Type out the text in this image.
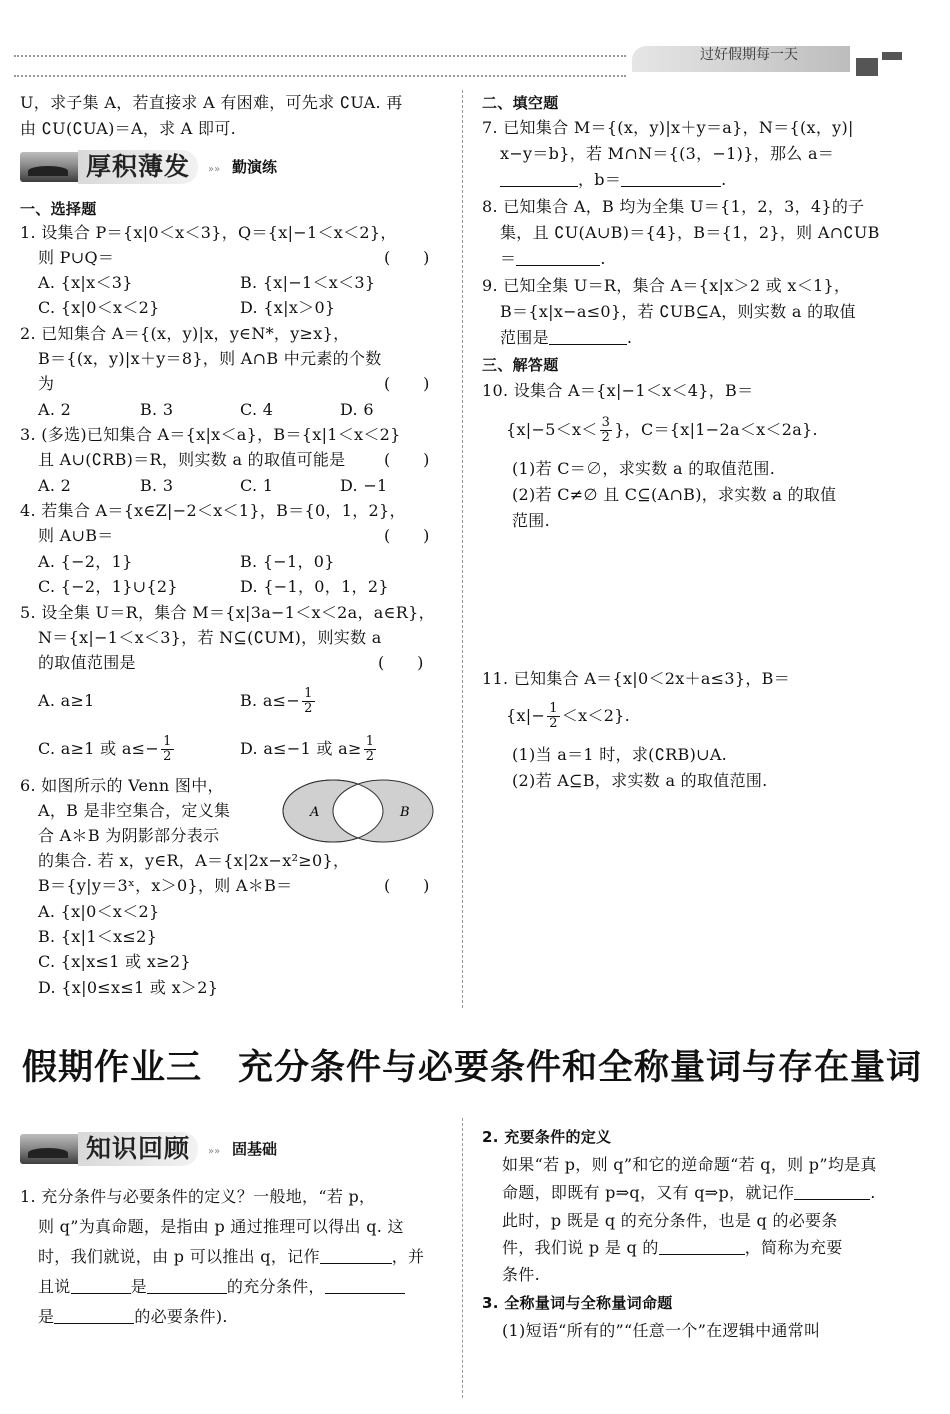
过好假期每一天
U，求子集 A，若直接求 A 有困难，可先求 ∁UA. 再
由 ∁U(∁UA)＝A，求 A 即可.
厚积薄发	»» 勤演练
一、选择题
1. 设集合 P＝{x|0＜x＜3}，Q＝{x|−1＜x＜2}，
则 P∪Q＝	(　　)
A. {x|x＜3}	B. {x|−1＜x＜3}
C. {x|0＜x＜2}	D. {x|x＞0}
2. 已知集合 A＝{(x，y)|x，y∈N*，y≥x}，
B＝{(x，y)|x＋y＝8}，则 A∩B 中元素的个数
为	(　　)
A. 2	B. 3	C. 4	D. 6
3. (多选)已知集合 A＝{x|x＜a}，B＝{x|1＜x＜2}
且 A∪(∁RB)＝R，则实数 a 的取值可能是 (　　)
A. 2	B. 3	C. 1	D. −1
4. 若集合 A＝{x∈Z|−2＜x＜1}，B＝{0，1，2}，
则 A∪B＝	(　　)
A. {−2，1}	B. {−1，0}
C. {−2，1}∪{2}	D. {−1，0，1，2}
5. 设全集 U＝R，集合 M＝{x|3a−1＜x＜2a，a∈R}，
N＝{x|−1＜x＜3}，若 N⊆(∁UM)，则实数 a
的取值范围是	(　　)
A. a≥1	B. $a\le- \frac{1}{2}$
C. a≥1 或 $a\le- \frac{1}{2}$	D. a≤−1 或 $a\ge \frac{1}{2}$
6. 如图所示的 Venn 图中，
A，B 是非空集合，定义集
合 A＊B 为阴影部分表示
的集合. 若 x，y∈R，A＝{x|2x−x²≥0}，
B＝{y|y＝3ˣ，x＞0}，则 A＊B＝	(　　)
A. {x|0＜x＜2}
B. {x|1＜x≤2}
C. {x|x≤1 或 x≥2}
D. {x|0≤x≤1 或 x＞2}
A	B
二、填空题
7. 已知集合 M＝{(x，y)|x＋y＝a}，N＝{(x，y)|
x−y＝b}，若 M∩N＝{(3，−1)}，那么 a＝
，b＝	.
8. 已知集合 A，B 均为全集 U＝{1，2，3，4}的子
集，且 ∁U(A∪B)＝{4}，B＝{1，2}，则 A∩∁UB
＝	.
9. 已知全集 U＝R，集合 A＝{x|x＞2 或 x＜1}，
B＝{x|x−a≤0}，若 ∁UB⊆A，则实数 a 的取值
范围是	.
三、解答题
10. 设集合 A＝{x|−1＜x＜4}，B＝
{$x|-5<x< \frac{3}{2}$ }，C＝{x|1−2a＜x＜2a}.
(1)若 C＝∅，求实数 a 的取值范围.
(2)若 C≠∅ 且 C⊆(A∩B)，求实数 a 的取值
范围.
11. 已知集合 A＝{x|0＜2x＋a≤3}，B＝
$\{x|- \frac{1}{2} <x<2\}$.
(1)当 a＝1 时，求(∁RB)∪A.
(2)若 A⊆B，求实数 a 的取值范围.
假期作业三　充分条件与必要条件和全称量词与存在量词
知识回顾	»» 固基础
1. 充分条件与必要条件的定义？一般地，“若 p，
则 q”为真命题，是指由 p 通过推理可以得出 q. 这
时，我们就说，由 p 可以推出 q，记作	，并
且说	是	的充分条件，
是	的必要条件).
2. 充要条件的定义
如果“若 p，则 q”和它的逆命题“若 q，则 p”均是真
命题，即既有 p⇒q，又有 q⇒p，就记作	.
此时，p 既是 q 的充分条件，也是 q 的必要条
件，我们说 p 是 q 的	，简称为充要
条件.
3. 全称量词与全称量词命题
(1)短语“所有的”“任意一个”在逻辑中通常叫
